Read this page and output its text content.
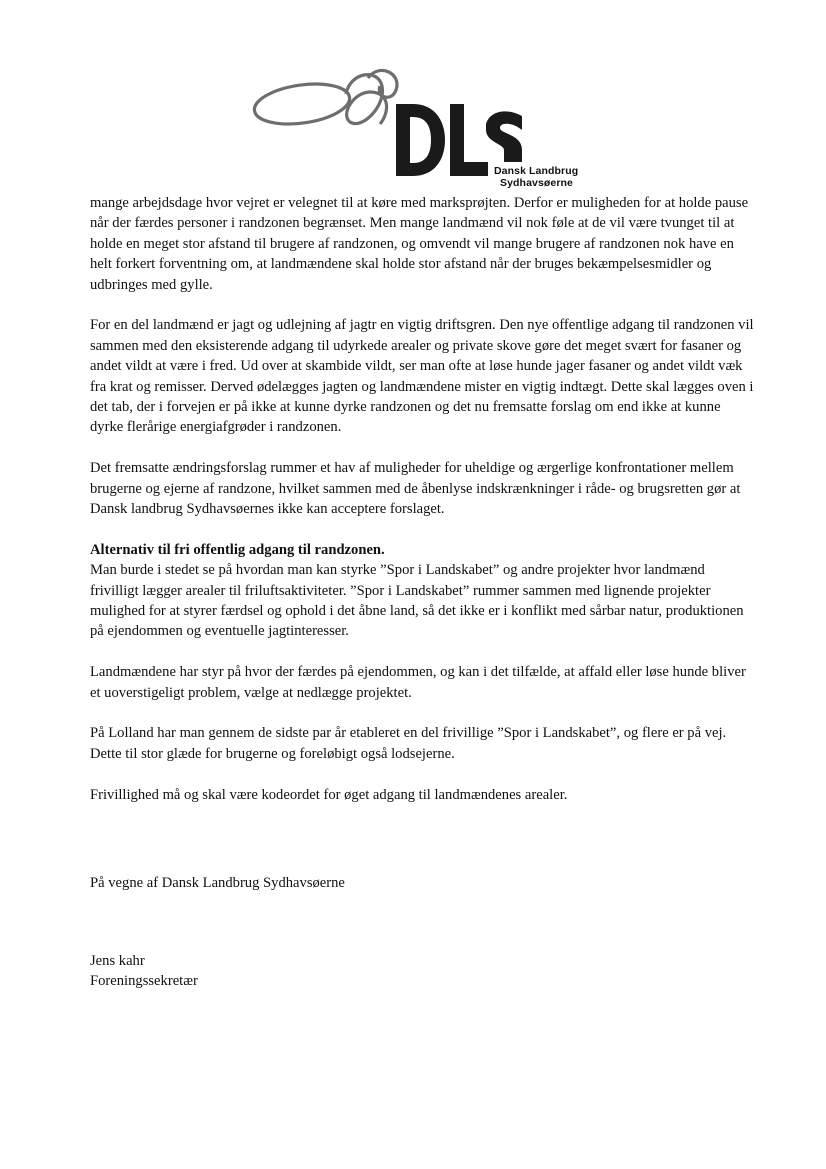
Dansk Landbrug
Sydhavsøerne

mange arbejdsdage hvor vejret er velegnet til at køre med marksprøjten. Derfor er muligheden for at holde pause når der færdes personer i randzonen begrænset. Men mange landmænd vil nok føle at de vil være tvunget til at holde en meget stor afstand til brugere af randzonen, og omvendt vil mange brugere af randzonen nok have en helt forkert forventning om, at landmændene skal holde stor afstand når der bruges bekæmpelsesmidler og udbringes med gylle.

For en del landmænd er jagt og udlejning af jagtr en vigtig driftsgren. Den nye offentlige adgang til randzonen vil sammen med den eksisterende adgang til udyrkede arealer og private skove gøre det meget svært for fasaner og andet vildt at være i fred. Ud over at skambide vildt, ser man ofte at løse hunde jager fasaner og andet vildt væk fra krat og remisser. Derved ødelægges jagten og landmændene mister en vigtig indtægt. Dette skal lægges oven i det tab, der i forvejen er på ikke at kunne dyrke randzonen og det nu fremsatte forslag om end ikke at kunne dyrke flerårige energiafgrøder i randzonen.

Det fremsatte ændringsforslag rummer et hav af muligheder for uheldige og ærgerlige konfrontationer mellem brugerne og ejerne af randzone, hvilket sammen med de åbenlyse indskrænkninger i råde- og brugsretten gør at Dansk landbrug Sydhavsøernes ikke kan acceptere forslaget.

Alternativ til fri offentlig adgang til randzonen.

Man burde i stedet se på hvordan man kan styrke ”Spor i Landskabet” og andre projekter hvor landmænd frivilligt lægger arealer til friluftsaktiviteter. ”Spor i Landskabet” rummer sammen med lignende projekter mulighed for at styrer færdsel og ophold i det åbne land, så det ikke er i konflikt med sårbar natur, produktionen på ejendommen og eventuelle jagtinteresser.

Landmændene har styr på hvor der færdes på ejendommen, og kan i det tilfælde, at affald eller løse hunde bliver et uoverstigeligt problem, vælge at nedlægge projektet.

På Lolland har man gennem de sidste par år etableret en del frivillige ”Spor i Landskabet”, og flere er på vej. Dette til stor glæde for brugerne og foreløbigt også lodsejerne.

Frivillighed må og skal være kodeordet for øget adgang til landmændenes arealer.

På vegne af Dansk Landbrug Sydhavsøerne

Jens kahr
Foreningssekretær
